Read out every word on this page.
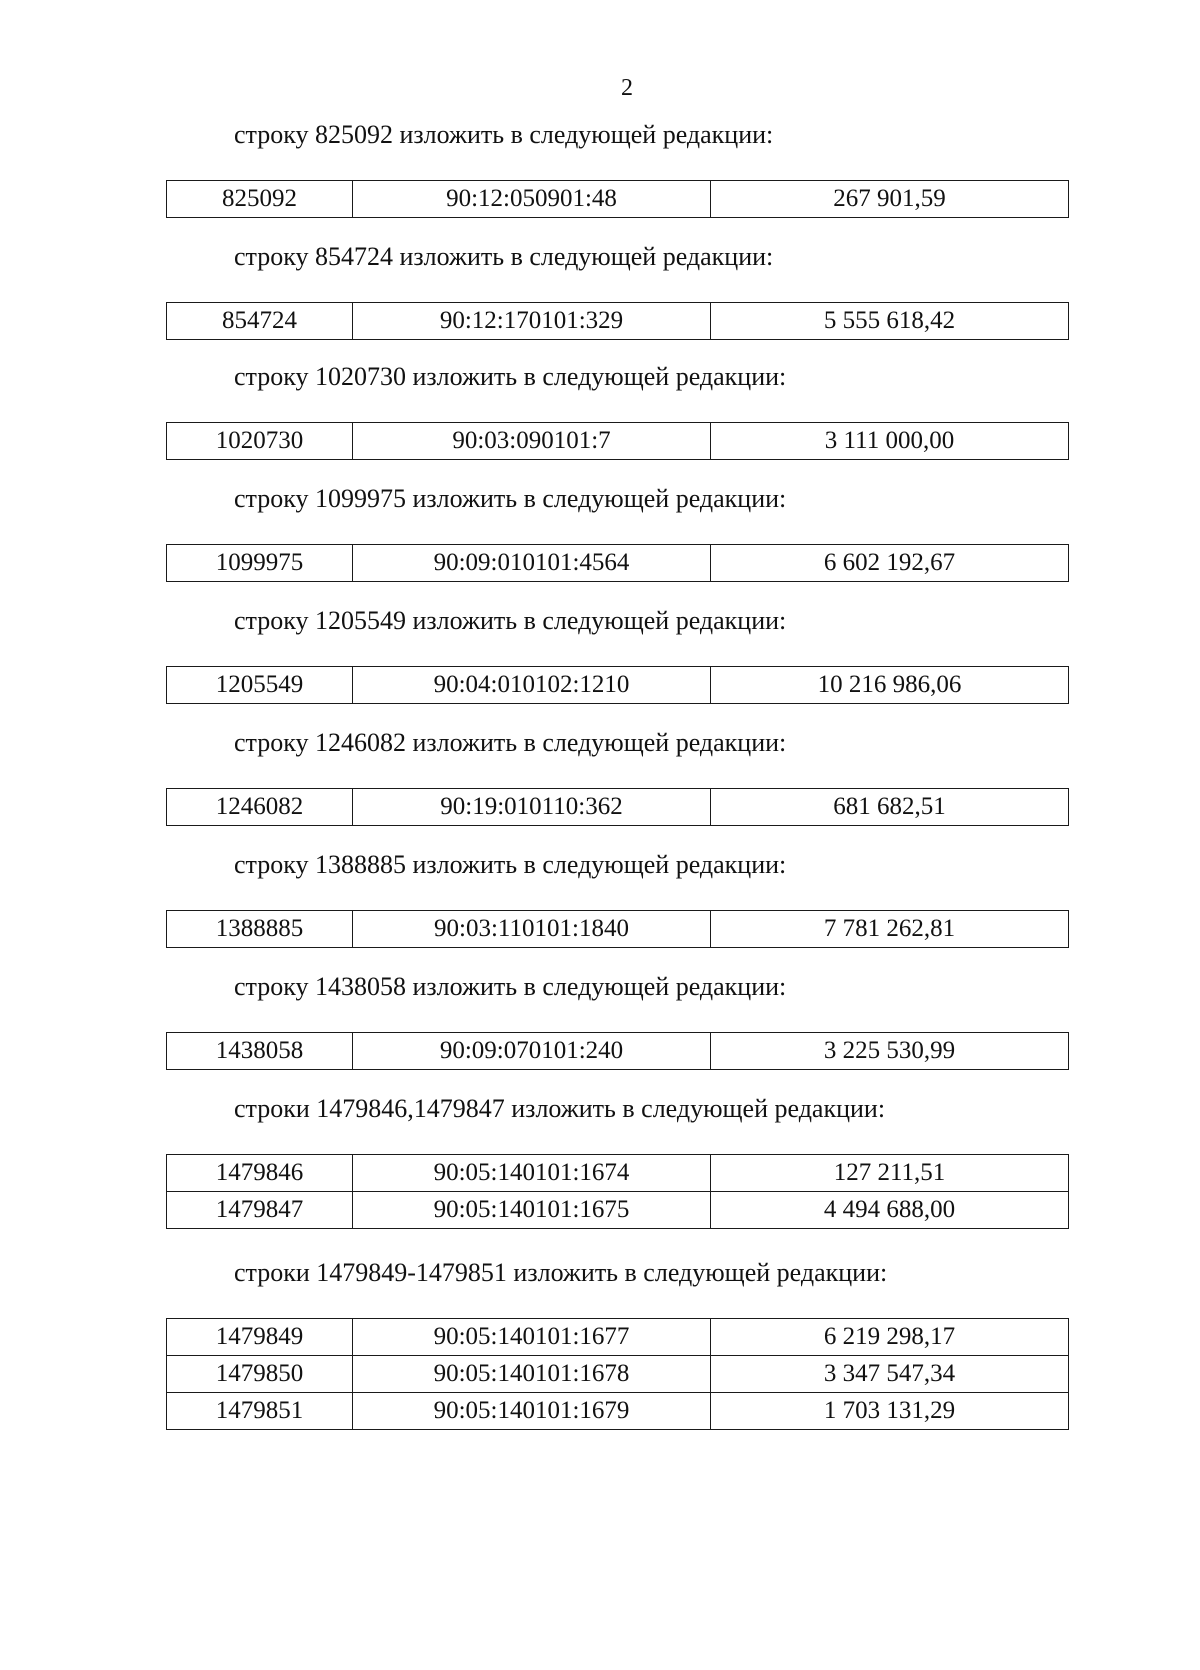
2
строку 825092 изложить в следующей редакции:
825092	90:12:050901:48	267 901,59
строку 854724 изложить в следующей редакции:
854724	90:12:170101:329	5 555 618,42
строку 1020730 изложить в следующей редакции:
1020730	90:03:090101:7	3 111 000,00
строку 1099975 изложить в следующей редакции:
1099975	90:09:010101:4564	6 602 192,67
строку 1205549 изложить в следующей редакции:
1205549	90:04:010102:1210	10 216 986,06
строку 1246082 изложить в следующей редакции:
1246082	90:19:010110:362	681 682,51
строку 1388885 изложить в следующей редакции:
1388885	90:03:110101:1840	7 781 262,81
строку 1438058 изложить в следующей редакции:
1438058	90:09:070101:240	3 225 530,99
строки 1479846,1479847 изложить в следующей редакции:
1479846	90:05:140101:1674	127 211,51
1479847	90:05:140101:1675	4 494 688,00
строки 1479849-1479851 изложить в следующей редакции:
1479849	90:05:140101:1677	6 219 298,17
1479850	90:05:140101:1678	3 347 547,34
1479851	90:05:140101:1679	1 703 131,29
